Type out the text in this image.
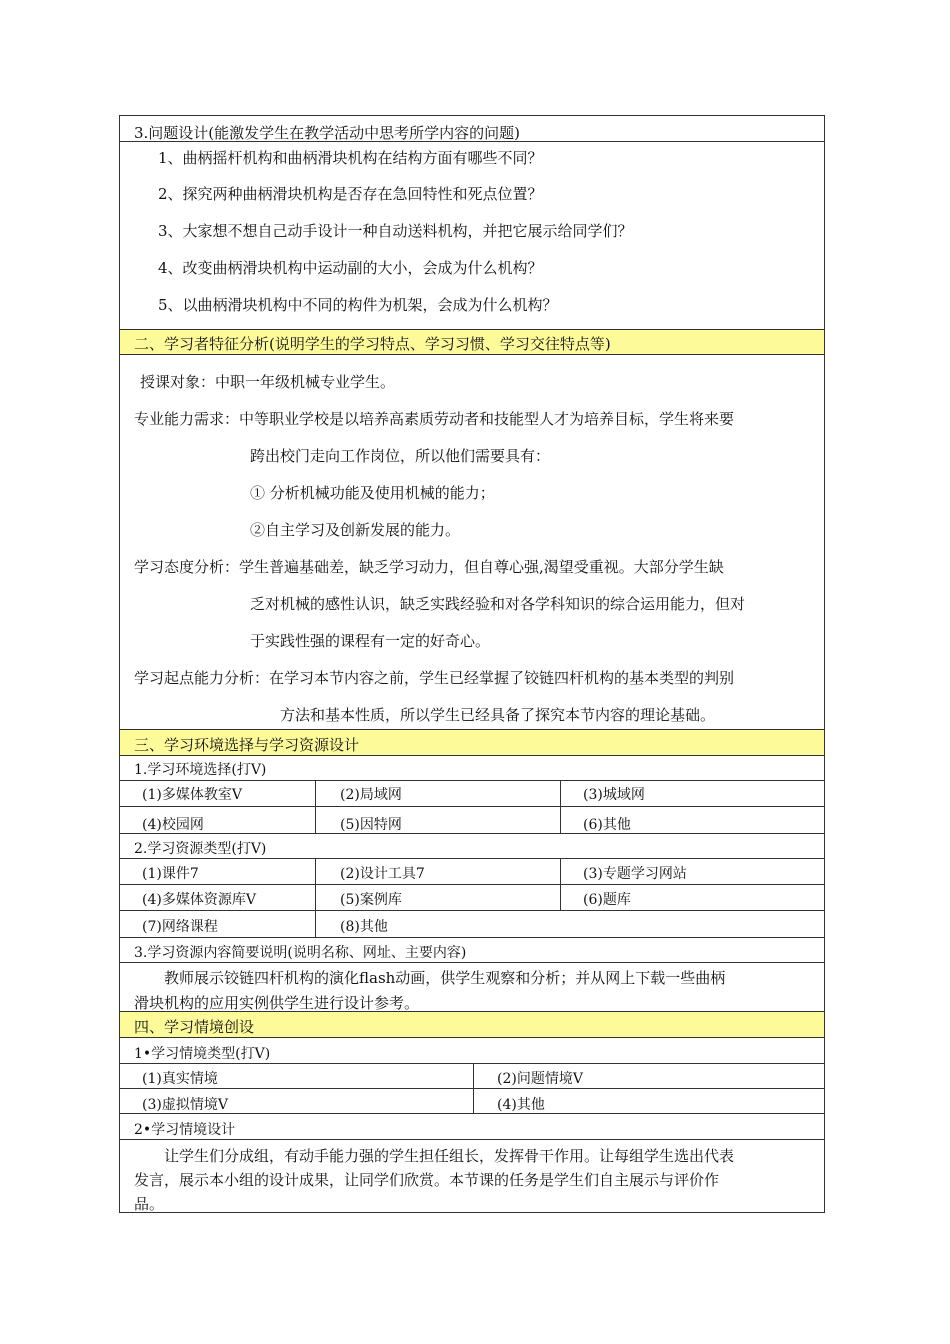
3.问题设计(能激发学生在教学活动中思考所学内容的问题)
1、曲柄摇杆机构和曲柄滑块机构在结构方面有哪些不同？
2、探究两种曲柄滑块机构是否存在急回特性和死点位置？
3、大家想不想自己动手设计一种自动送料机构，并把它展示给同学们？
4、改变曲柄滑块机构中运动副的大小，会成为什么机构？
5、以曲柄滑块机构中不同的构件为机架，会成为什么机构？
二、学习者特征分析(说明学生的学习特点、学习习惯、学习交往特点等)
授课对象：中职一年级机械专业学生。
专业能力需求：中等职业学校是以培养高素质劳动者和技能型人才为培养目标，学生将来要
跨出校门走向工作岗位，所以他们需要具有：
① 分析机械功能及使用机械的能力；
②自主学习及创新发展的能力。
学习态度分析：学生普遍基础差，缺乏学习动力，但自尊心强,渴望受重视。大部分学生缺
乏对机械的感性认识，缺乏实践经验和对各学科知识的综合运用能力，但对
于实践性强的课程有一定的好奇心。
学习起点能力分析：在学习本节内容之前，学生已经掌握了铰链四杆机构的基本类型的判别
方法和基本性质，所以学生已经具备了探究本节内容的理论基础。
三、学习环境选择与学习资源设计
1.学习环境选择(打V)
(1)多媒体教室V	(2)局域网	(3)城域网
(4)校园网	(5)因特网	(6)其他
2.学习资源类型(打V)
(1)课件7	(2)设计工具7	(3)专题学习网站
(4)多媒体资源库V	(5)案例库	(6)题库
(7)网络课程	(8)其他
3.学习资源内容简要说明(说明名称、网址、主要内容)
教师展示铰链四杆机构的演化flash动画，供学生观察和分析；并从网上下载一些曲柄
滑块机构的应用实例供学生进行设计参考。
四、学习情境创设
1•学习情境类型(打V)
(1)真实情境	(2)问题情境V
(3)虚拟情境V	(4)其他
2•学习情境设计
让学生们分成组，有动手能力强的学生担任组长，发挥骨干作用。让每组学生选出代表
发言，展示本小组的设计成果，让同学们欣赏。本节课的任务是学生们自主展示与评价作
品。
